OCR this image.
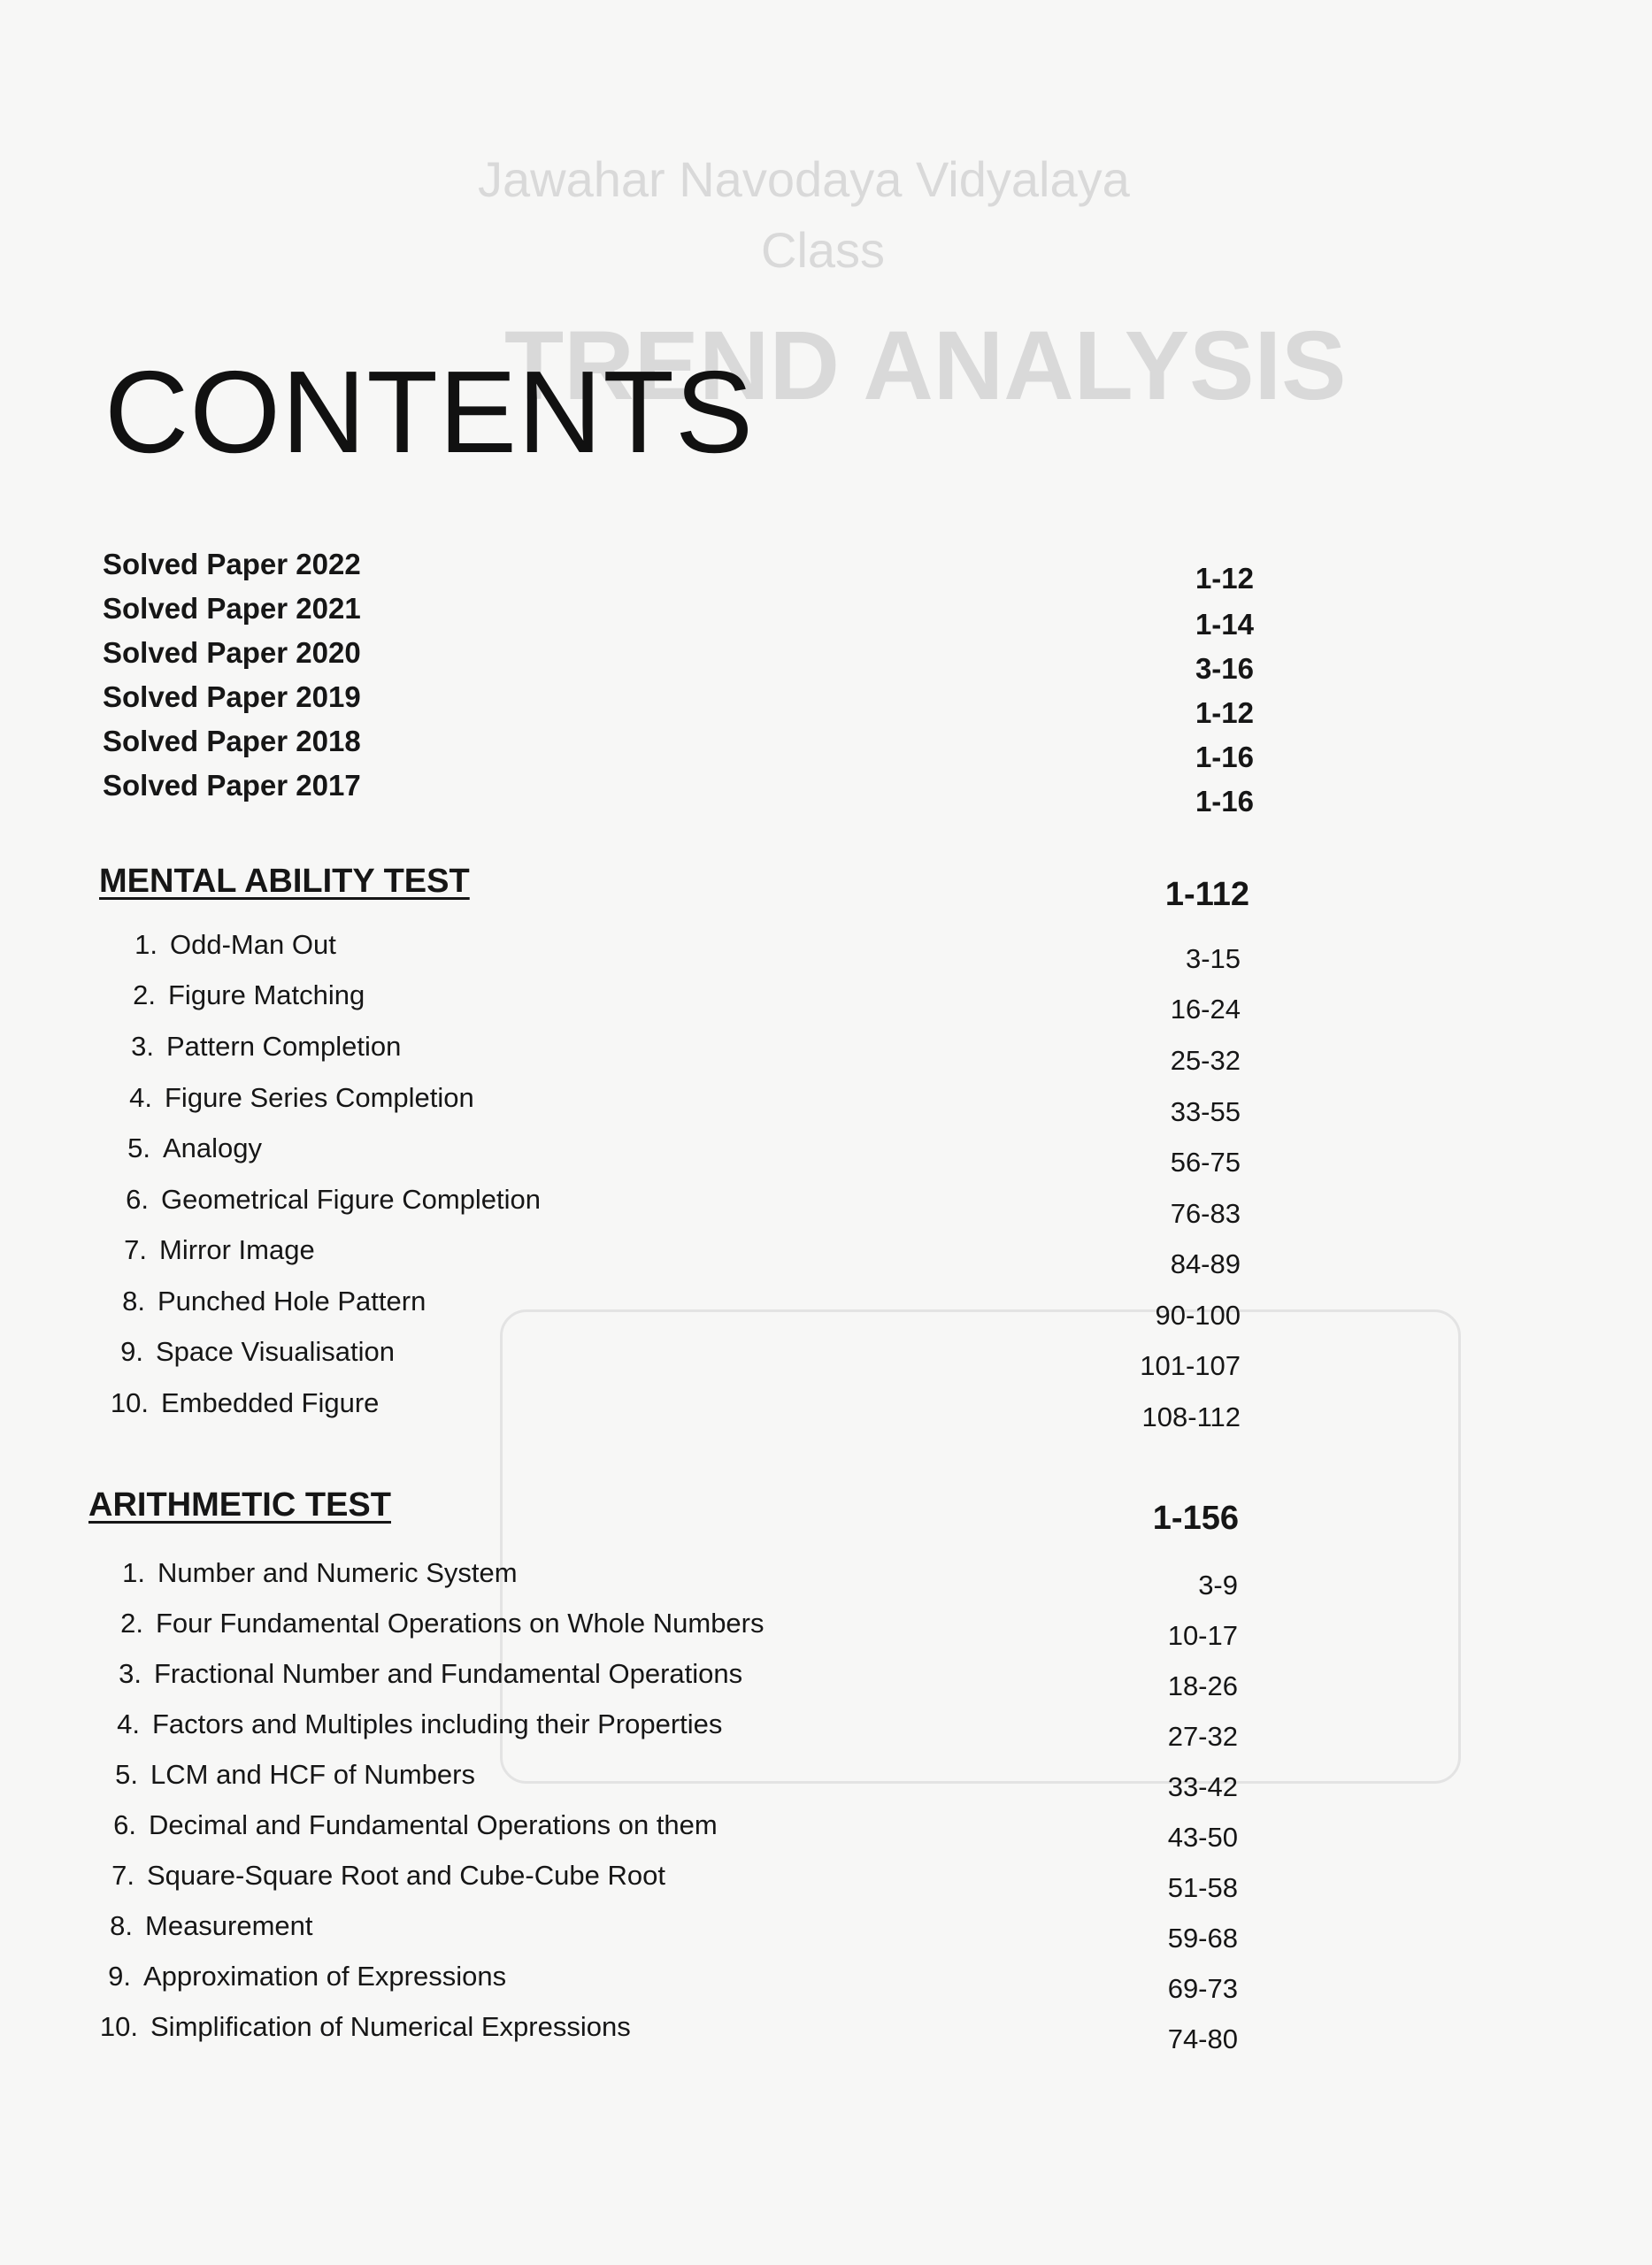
Jawahar Navodaya Vidyalaya
Class
TREND ANALYSIS
CONTENTS
Solved Paper 2022	1-12
Solved Paper 2021	1-14
Solved Paper 2020	3-16
Solved Paper 2019	1-12
Solved Paper 2018	1-16
Solved Paper 2017	1-16
MENTAL ABILITY TEST	1-112
1. Odd-Man Out	3-15
2. Figure Matching	16-24
3. Pattern Completion	25-32
4. Figure Series Completion	33-55
5. Analogy	56-75
6. Geometrical Figure Completion	76-83
7. Mirror Image	84-89
8. Punched Hole Pattern	90-100
9. Space Visualisation	101-107
10. Embedded Figure	108-112
ARITHMETIC TEST	1-156
1. Number and Numeric System	3-9
2. Four Fundamental Operations on Whole Numbers	10-17
3. Fractional Number and Fundamental Operations	18-26
4. Factors and Multiples including their Properties	27-32
5. LCM and HCF of Numbers	33-42
6. Decimal and Fundamental Operations on them	43-50
7. Square-Square Root and Cube-Cube Root	51-58
8. Measurement	59-68
9. Approximation of Expressions	69-73
10. Simplification of Numerical Expressions	74-80
